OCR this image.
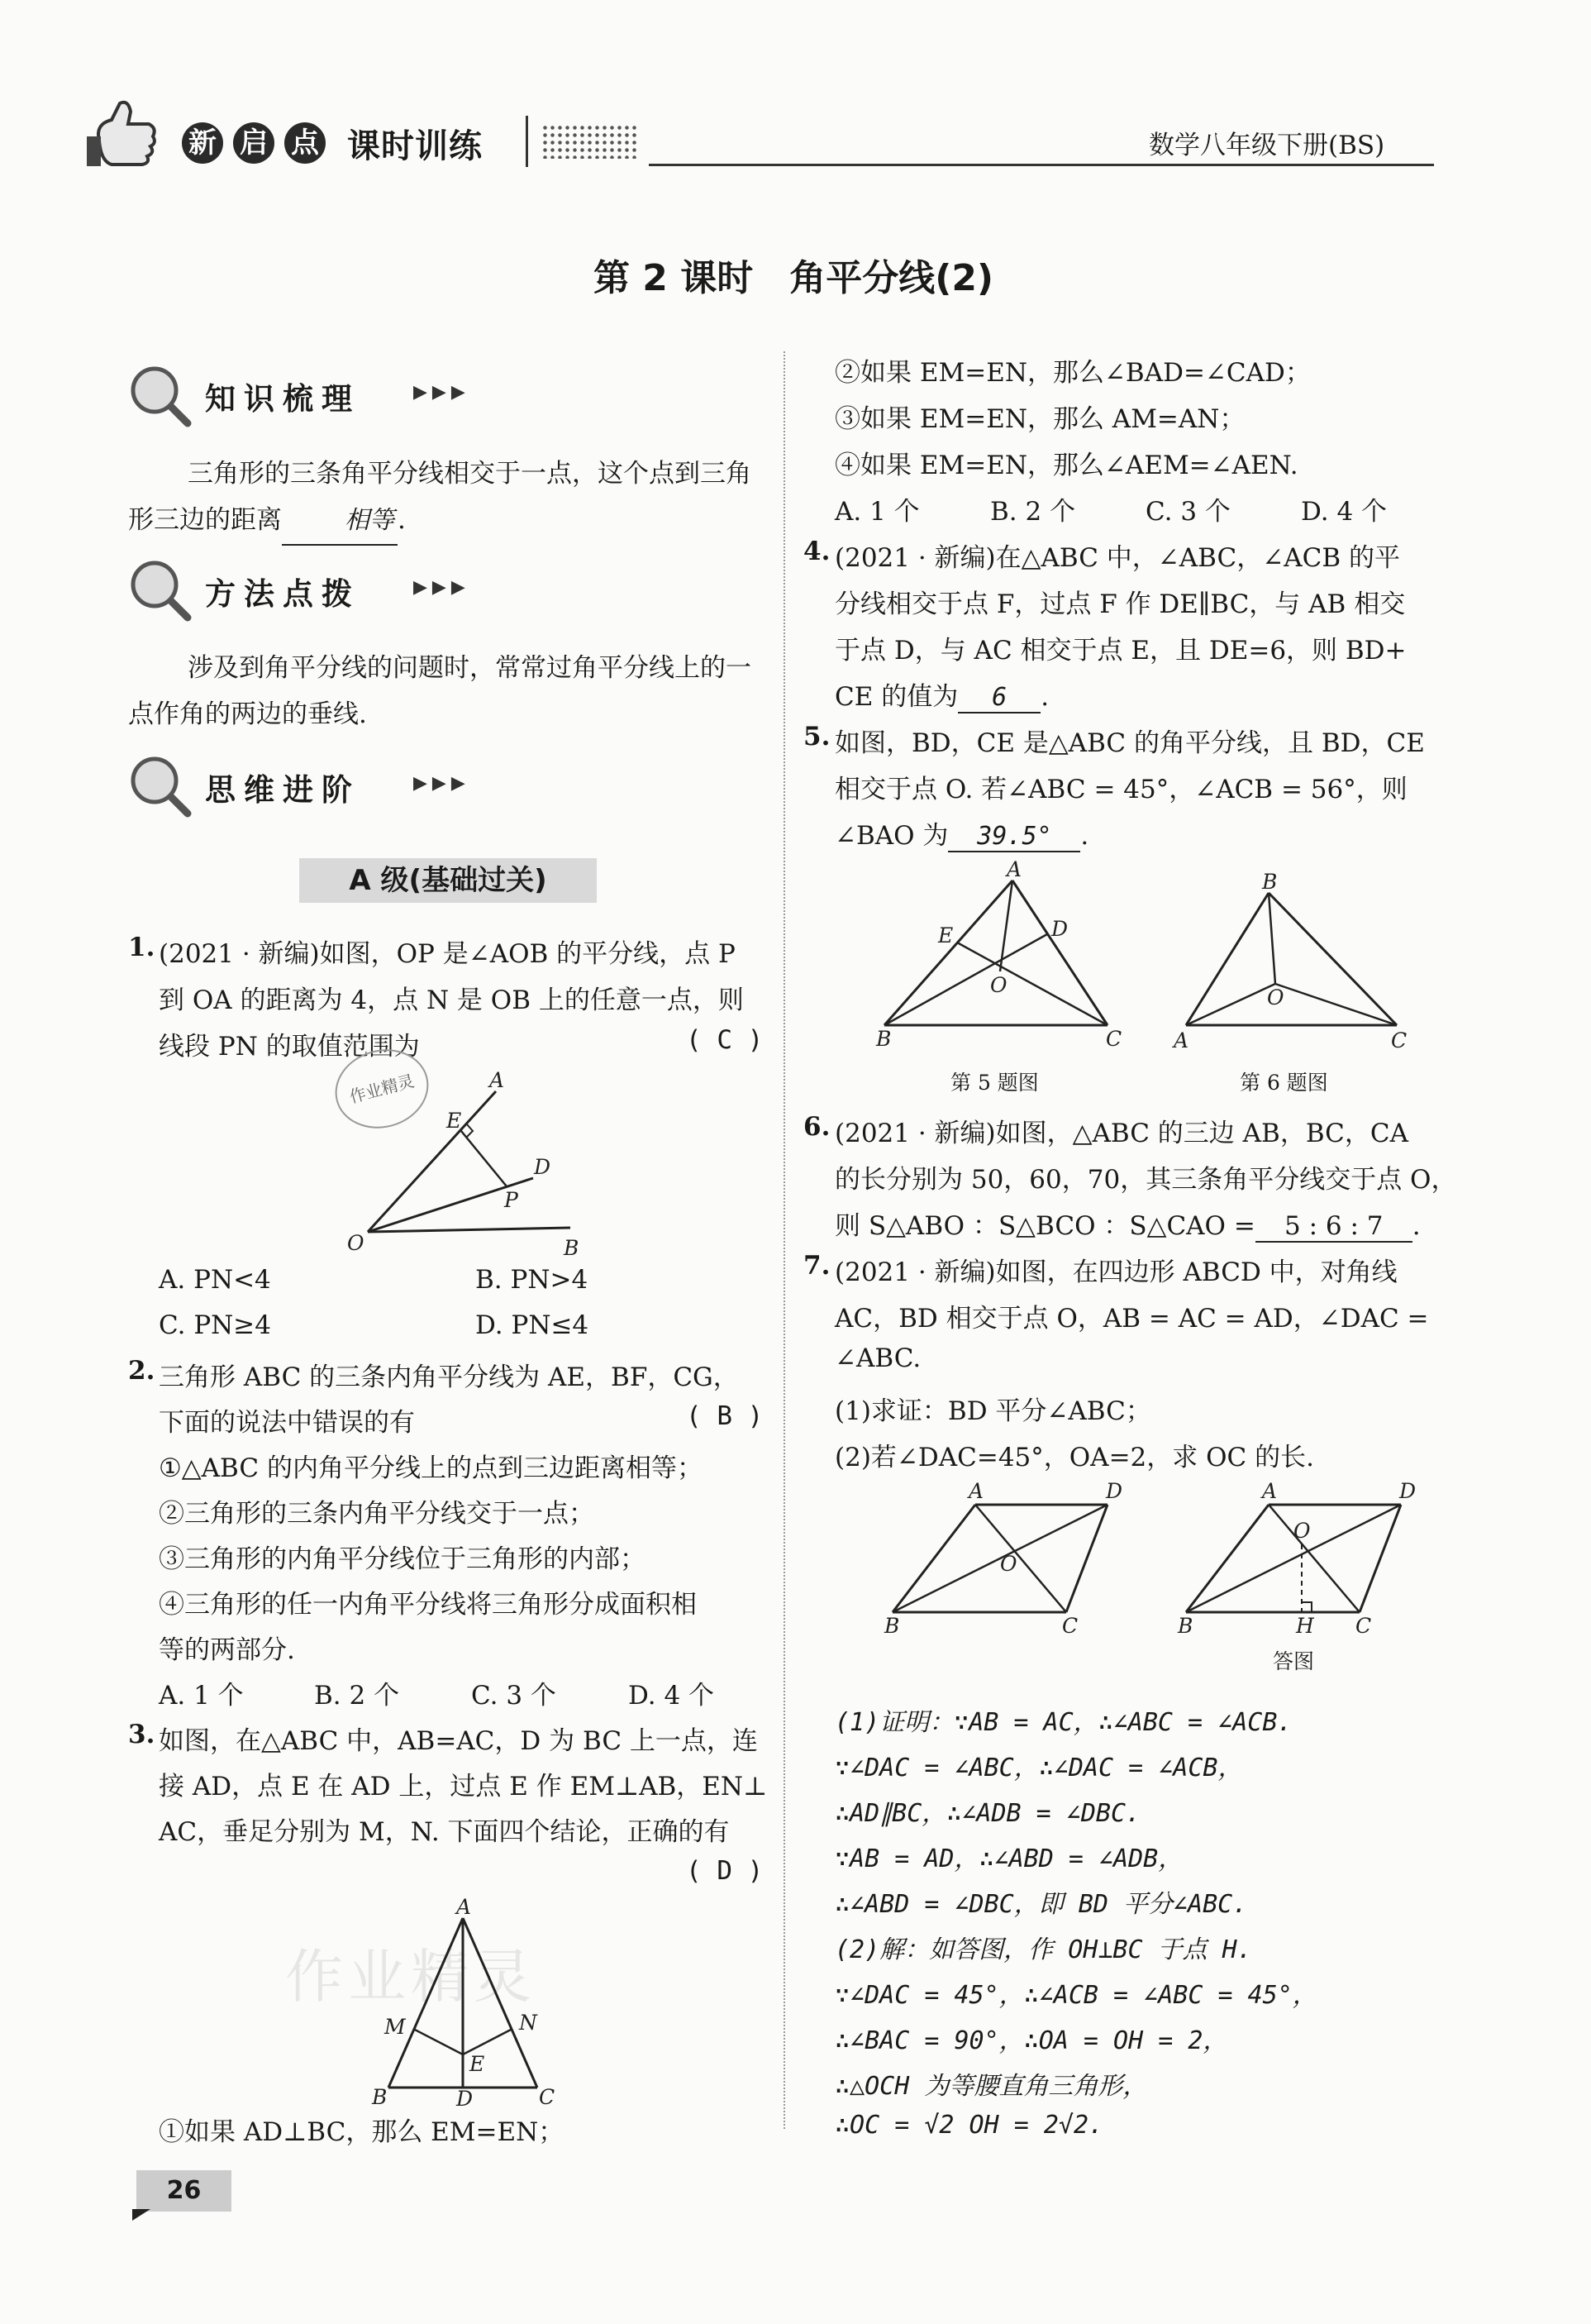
新 启 点 课时训练	数学八年级下册(BS)
第 2 课时　角平分线(2)
知识梳理	▶▶▶
三角形的三条角平分线相交于一点，这个点到三角形三边的距离	相等 .
方法点拨	▶▶▶
涉及到角平分线的问题时，常常过角平分线上的一点作角的两边的垂线.
思维进阶	▶▶▶
A 级(基础过关)
1. (2021 · 新编)如图，OP 是∠AOB 的平分线，点 P
到 OA 的距离为 4，点 N 是 OB 上的任意一点，则
线段 PN 的取值范围为	( C )
A
E
D
P
O	B
作业精灵
A. PN<4	B. PN>4
C. PN≥4	D. PN≤4
2. 三角形 ABC 的三条内角平分线为 AE，BF，CG，
下面的说法中错误的有	( B )
①△ABC 的内角平分线上的点到三边距离相等；
②三角形的三条内角平分线交于一点；
③三角形的内角平分线位于三角形的内部；
④三角形的任一内角平分线将三角形分成面积相
等的两部分.
A. 1 个	B. 2 个	C. 3 个	D. 4 个
3. 如图，在△ABC 中，AB=AC，D 为 BC 上一点，连
接 AD，点 E 在 AD 上，过点 E 作 EM⊥AB，EN⊥
AC，垂足分别为 M，N. 下面四个结论，正确的有
( D )
作业精灵
A
M	N
E
B	D	C
①如果 AD⊥BC，那么 EM=EN；
②如果 EM=EN，那么∠BAD=∠CAD；
③如果 EM=EN，那么 AM=AN；
④如果 EM=EN，那么∠AEM=∠AEN.
A. 1 个	B. 2 个	C. 3 个	D. 4 个
4. (2021 · 新编)在△ABC 中，∠ABC，∠ACB 的平
分线相交于点 F，过点 F 作 DE∥BC，与 AB 相交
于点 D，与 AC 相交于点 E，且 DE=6，则 BD+
CE 的值为 6 .
5. 如图，BD，CE 是△ABC 的角平分线，且 BD，CE
相交于点 O. 若∠ABC = 45°，∠ACB = 56°，则
∠BAO 为 39.5° .
A
E	D
O
B	C
第 5 题图
B
O
A	C
第 6 题图
6. (2021 · 新编)如图，△ABC 的三边 AB，BC，CA
的长分别为 50，60，70，其三条角平分线交于点 O，
则 S△ABO ：S△BCO ：S△CAO = 5 : 6 : 7 .
7. (2021 · 新编)如图，在四边形 ABCD 中，对角线
AC，BD 相交于点 O，AB = AC = AD，∠DAC =
∠ABC.
(1)求证：BD 平分∠ABC；
(2)若∠DAC=45°，OA=2，求 OC 的长.
A	D
O
B	C
A	D
O
B	H C
答图
(1)证明：∵AB = AC，∴∠ABC = ∠ACB.
∵∠DAC = ∠ABC，∴∠DAC = ∠ACB，
∴AD∥BC，∴∠ADB = ∠DBC.
∵AB = AD，∴∠ABD = ∠ADB，
∴∠ABD = ∠DBC，即 BD 平分∠ABC.
(2)解：如答图，作 OH⊥BC 于点 H.
∵∠DAC = 45°，∴∠ACB = ∠ABC = 45°，
∴∠BAC = 90°，∴OA = OH = 2，
∴△OCH 为等腰直角三角形，
∴OC = √2 OH = 2√2.
26
